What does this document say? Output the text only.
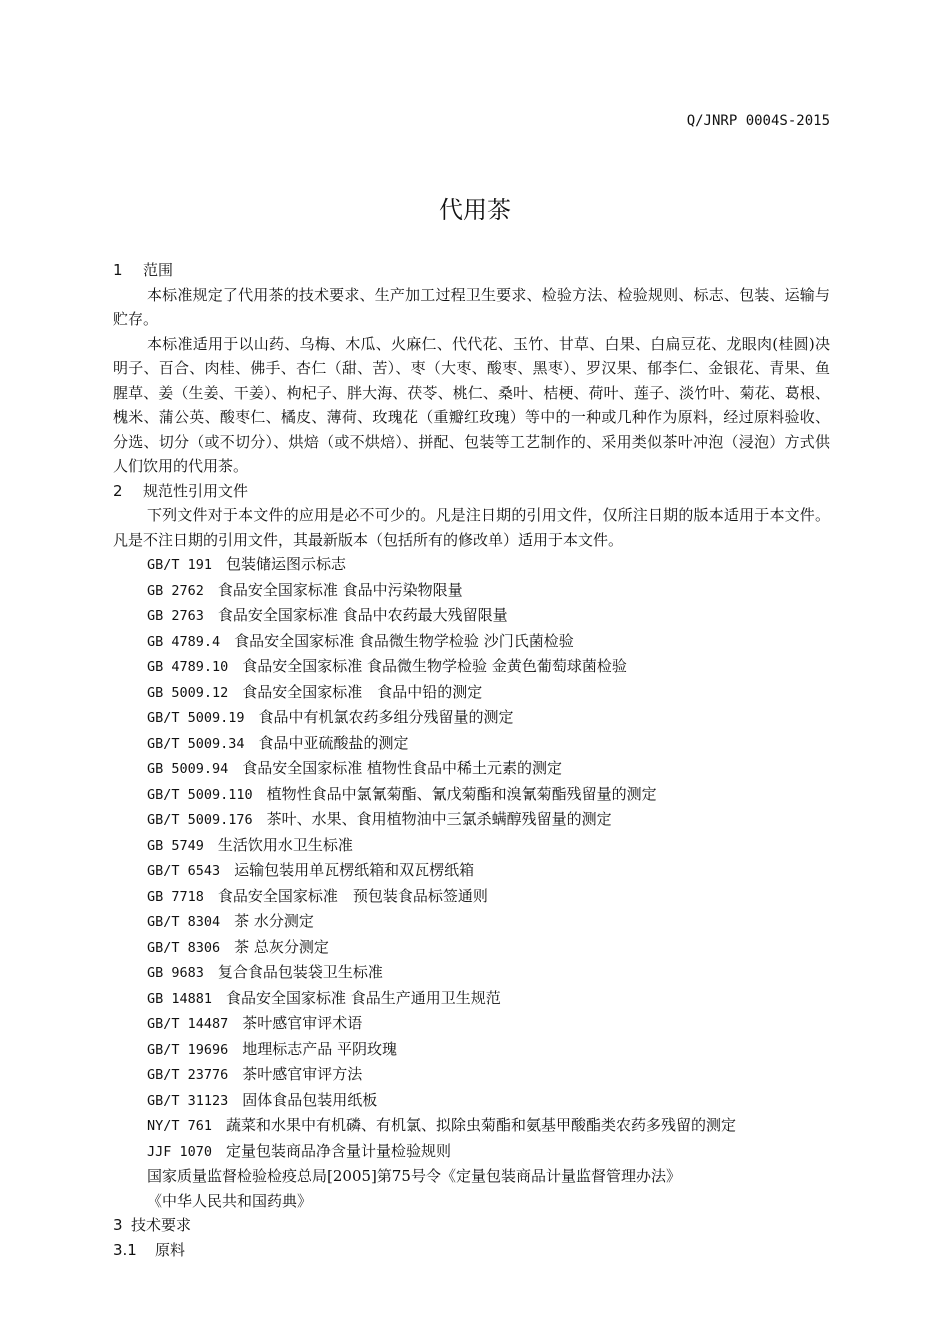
Q/JNRP 0004S-2015
代用茶
1 范围

本标准规定了代用茶的技术要求、生产加工过程卫生要求、检验方法、检验规则、标志、包装、运输与贮存。

本标准适用于以山药、乌梅、木瓜、火麻仁、代代花、玉竹、甘草、白果、白扁豆花、龙眼肉(桂圆)决明子、百合、肉桂、佛手、杏仁（甜、苦）、枣（大枣、酸枣、黑枣）、罗汉果、郁李仁、金银花、青果、鱼腥草、姜（生姜、干姜）、枸杞子、胖大海、茯苓、桃仁、桑叶、桔梗、荷叶、莲子、淡竹叶、菊花、葛根、槐米、蒲公英、酸枣仁、橘皮、薄荷、玫瑰花（重瓣红玫瑰）等中的一种或几种作为原料，经过原料验收、分选、切分（或不切分）、烘焙（或不烘焙）、拼配、包装等工艺制作的、采用类似茶叶冲泡（浸泡）方式供人们饮用的代用茶。

2 规范性引用文件

下列文件对于本文件的应用是必不可少的。凡是注日期的引用文件，仅所注日期的版本适用于本文件。凡是不注日期的引用文件，其最新版本（包括所有的修改单）适用于本文件。

GB/T 191 包装储运图示标志
GB 2762 食品安全国家标准 食品中污染物限量
GB 2763 食品安全国家标准 食品中农药最大残留限量
GB 4789.4 食品安全国家标准 食品微生物学检验 沙门氏菌检验
GB 4789.10 食品安全国家标准 食品微生物学检验 金黄色葡萄球菌检验
GB 5009.12 食品安全国家标准　食品中铅的测定
GB/T 5009.19 食品中有机氯农药多组分残留量的测定
GB/T 5009.34 食品中亚硫酸盐的测定
GB 5009.94 食品安全国家标准 植物性食品中稀土元素的测定
GB/T 5009.110 植物性食品中氯氰菊酯、氰戊菊酯和溴氰菊酯残留量的测定
GB/T 5009.176 茶叶、水果、食用植物油中三氯杀螨醇残留量的测定
GB 5749 生活饮用水卫生标准
GB/T 6543 运输包装用单瓦楞纸箱和双瓦楞纸箱
GB 7718 食品安全国家标准　预包装食品标签通则
GB/T 8304 茶 水分测定
GB/T 8306 茶 总灰分测定
GB 9683 复合食品包装袋卫生标准
GB 14881 食品安全国家标准 食品生产通用卫生规范
GB/T 14487 茶叶感官审评术语
GB/T 19696 地理标志产品 平阴玫瑰
GB/T 23776 茶叶感官审评方法
GB/T 31123 固体食品包装用纸板
NY/T 761 蔬菜和水果中有机磷、有机氯、拟除虫菊酯和氨基甲酸酯类农药多残留的测定
JJF 1070 定量包装商品净含量计量检验规则
国家质量监督检验检疫总局[2005]第75号令《定量包装商品计量监督管理办法》
《中华人民共和国药典》
3 技术要求
3.1 原料
